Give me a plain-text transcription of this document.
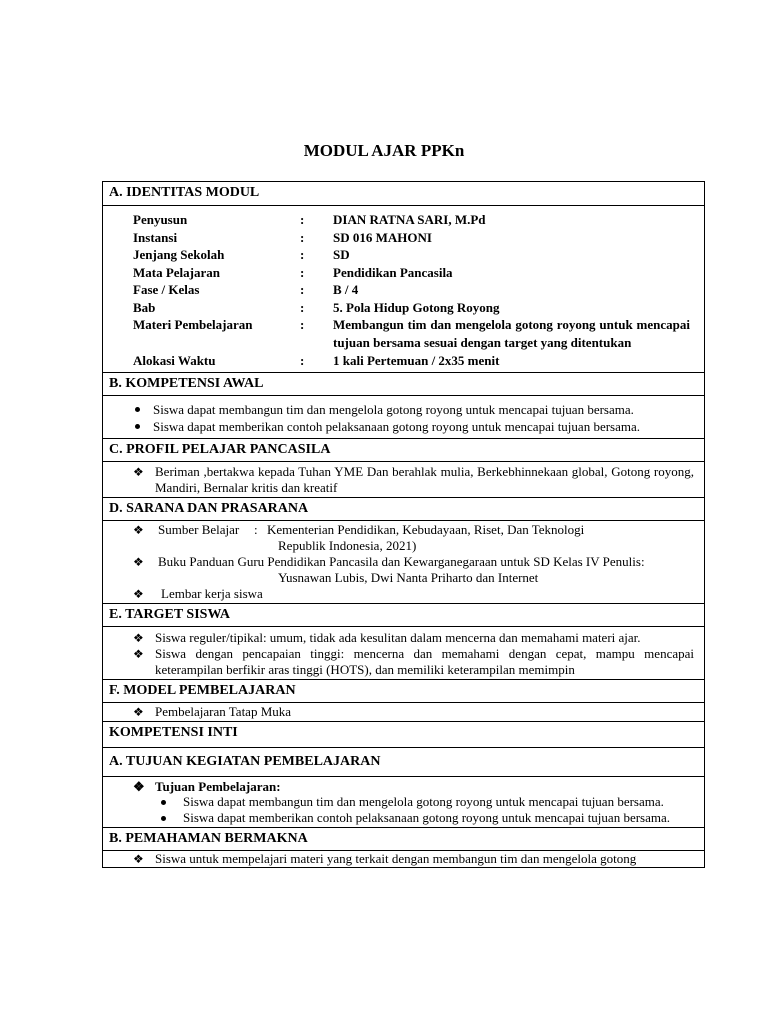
MODUL AJAR PPKn
A. IDENTITAS MODUL

Penyusun	:	DIAN RATNA SARI, M.Pd
Instansi	:	SD 016 MAHONI
Jenjang Sekolah	:	SD
Mata Pelajaran	:	Pendidikan Pancasila
Fase / Kelas	:	B / 4
Bab	:	5. Pola Hidup Gotong Royong
Materi Pembelajaran	:	Membangun tim dan mengelola gotong royong untuk mencapai tujuan bersama sesuai dengan target yang ditentukan
Alokasi Waktu	:	1 kali Pertemuan / 2x35 menit

B. KOMPETENSI AWAL

Siswa dapat membangun tim dan mengelola gotong royong untuk mencapai tujuan bersama.
Siswa dapat memberikan contoh pelaksanaan gotong royong untuk mencapai tujuan bersama.

C. PROFIL PELAJAR PANCASILA

❖ Beriman ,bertakwa kepada Tuhan YME Dan berahlak mulia, Berkebhinnekaan global, Gotong royong, Mandiri, Bernalar kritis dan kreatif

D. SARANA DAN PRASARANA

❖ Sumber Belajar	: Kementerian Pendidikan, Kebudayaan, Riset, Dan Teknologi
Republik Indonesia, 2021)
❖ Buku Panduan Guru Pendidikan Pancasila dan Kewarganegaraan untuk SD Kelas IV Penulis:
Yusnawan Lubis, Dwi Nanta Priharto dan Internet
❖ Lembar kerja siswa

E. TARGET SISWA

❖ Siswa reguler/tipikal: umum, tidak ada kesulitan dalam mencerna dan memahami materi ajar.
❖ Siswa dengan pencapaian tinggi: mencerna dan memahami dengan cepat, mampu mencapai keterampilan berfikir aras tinggi (HOTS), dan memiliki keterampilan memimpin

F. MODEL PEMBELAJARAN

❖ Pembelajaran Tatap Muka

KOMPETENSI INTI
A. TUJUAN KEGIATAN PEMBELAJARAN

❖ Tujuan Pembelajaran:
Siswa dapat membangun tim dan mengelola gotong royong untuk mencapai tujuan bersama.
Siswa dapat memberikan contoh pelaksanaan gotong royong untuk mencapai tujuan bersama.

B. PEMAHAMAN BERMAKNA

❖ Siswa untuk mempelajari materi yang terkait dengan membangun tim dan mengelola gotong
